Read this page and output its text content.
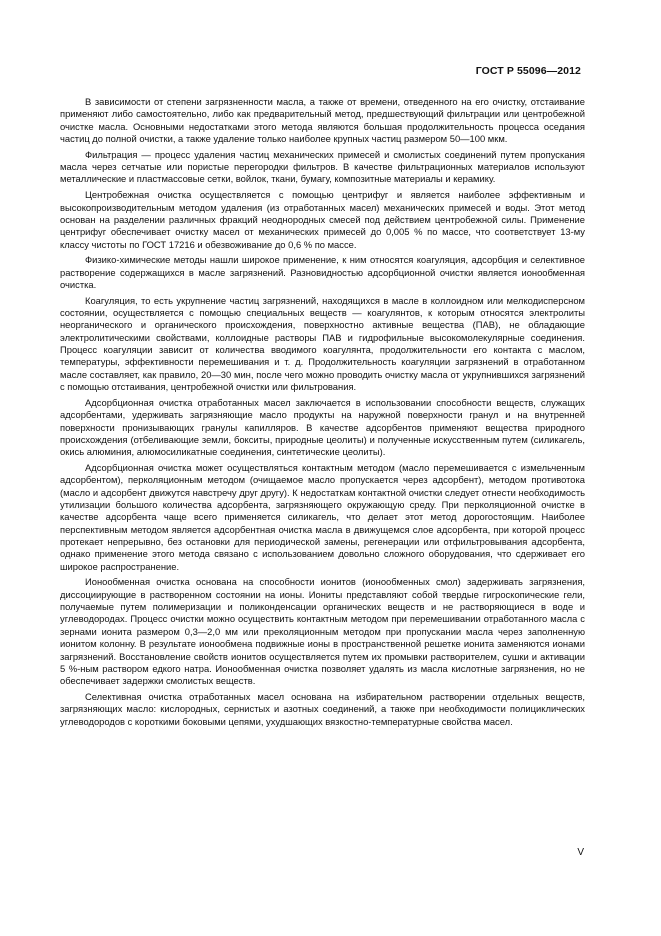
ГОСТ Р 55096—2012

В зависимости от степени загрязненности масла, а также от времени, отведенного на его очистку, отстаивание применяют либо самостоятельно, либо как предварительный метод, предшествующий фильтрации или центробежной очистке масла. Основными недостатками этого метода являются большая продолжительность процесса оседания частиц до полной очистки, а также удаление только наиболее крупных частиц размером 50—100 мкм.

Фильтрация — процесс удаления частиц механических примесей и смолистых соединений путем пропускания масла через сетчатые или пористые перегородки фильтров. В качестве фильтрационных материалов используют металлические и пластмассовые сетки, войлок, ткани, бумагу, композитные материалы и керамику.

Центробежная очистка осуществляется с помощью центрифуг и является наиболее эффективным и высокопроизводительным методом удаления (из отработанных масел) механических примесей и воды. Этот метод основан на разделении различных фракций неоднородных смесей под действием центробежной силы. Применение центрифуг обеспечивает очистку масел от механических примесей до 0,005 % по массе, что соответствует 13-му классу чистоты по ГОСТ 17216 и обезвоживание до 0,6 % по массе.

Физико-химические методы нашли широкое применение, к ним относятся коагуляция, адсорбция и селективное растворение содержащихся в масле загрязнений. Разновидностью адсорбционной очистки является ионообменная очистка.

Коагуляция, то есть укрупнение частиц загрязнений, находящихся в масле в коллоидном или мелкодисперсном состоянии, осуществляется с помощью специальных веществ — коагулянтов, к которым относятся электролиты неорганического и органического происхождения, поверхностно активные вещества (ПАВ), не обладающие электролитическими свойствами, коллоидные растворы ПАВ и гидрофильные высокомолекулярные соединения. Процесс коагуляции зависит от количества вводимого коагулянта, продолжительности его контакта с маслом, температуры, эффективности перемешивания и т. д. Продолжительность коагуляции загрязнений в отработанном масле составляет, как правило, 20—30 мин, после чего можно проводить очистку масла от укрупнившихся загрязнений с помощью отстаивания, центробежной очистки или фильтрования.

Адсорбционная очистка отработанных масел заключается в использовании способности веществ, служащих адсорбентами, удерживать загрязняющие масло продукты на наружной поверхности гранул и на внутренней поверхности пронизывающих гранулы капилляров. В качестве адсорбентов применяют вещества природного происхождения (отбеливающие земли, бокситы, природные цеолиты) и полученные искусственным путем (силикагель, окись алюминия, алюмосиликатные соединения, синтетические цеолиты).

Адсорбционная очистка может осуществляться контактным методом (масло перемешивается с измельченным адсорбентом), перколяционным методом (очищаемое масло пропускается через адсорбент), методом противотока (масло и адсорбент движутся навстречу друг другу). К недостаткам контактной очистки следует отнести необходимость утилизации большого количества адсорбента, загрязняющего окружающую среду. При перколяционной очистке в качестве адсорбента чаще всего применяется силикагель, что делает этот метод дорогостоящим. Наиболее перспективным методом является адсорбентная очистка масла в движущемся слое адсорбента, при которой процесс протекает непрерывно, без остановки для периодической замены, регенерации или отфильтровывания адсорбента, однако применение этого метода связано с использованием довольно сложного оборудования, что сдерживает его широкое распространение.

Ионообменная очистка основана на способности ионитов (ионообменных смол) задерживать загрязнения, диссоциирующие в растворенном состоянии на ионы. Иониты представляют собой твердые гигроскопические гели, получаемые путем полимеризации и поликонденсации органических веществ и не растворяющиеся в воде и углеводородах. Процесс очистки можно осуществить контактным методом при перемешивании отработанного масла с зернами ионита размером 0,3—2,0 мм или преколяционным методом при пропускании масла через заполненную ионитом колонну. В результате ионообмена подвижные ионы в пространственной решетке ионита заменяются ионами загрязнений. Восстановление свойств ионитов осуществляется путем их промывки растворителем, сушки и активации 5 %-ным раствором едкого натра. Ионообменная очистка позволяет удалять из масла кислотные загрязнения, но не обеспечивает задержки смолистых веществ.

Селективная очистка отработанных масел основана на избирательном растворении отдельных веществ, загрязняющих масло: кислородных, сернистых и азотных соединений, а также при необходимости полициклических углеводородов с короткими боковыми цепями, ухудшающих вязкостно-температурные свойства масел.

V
